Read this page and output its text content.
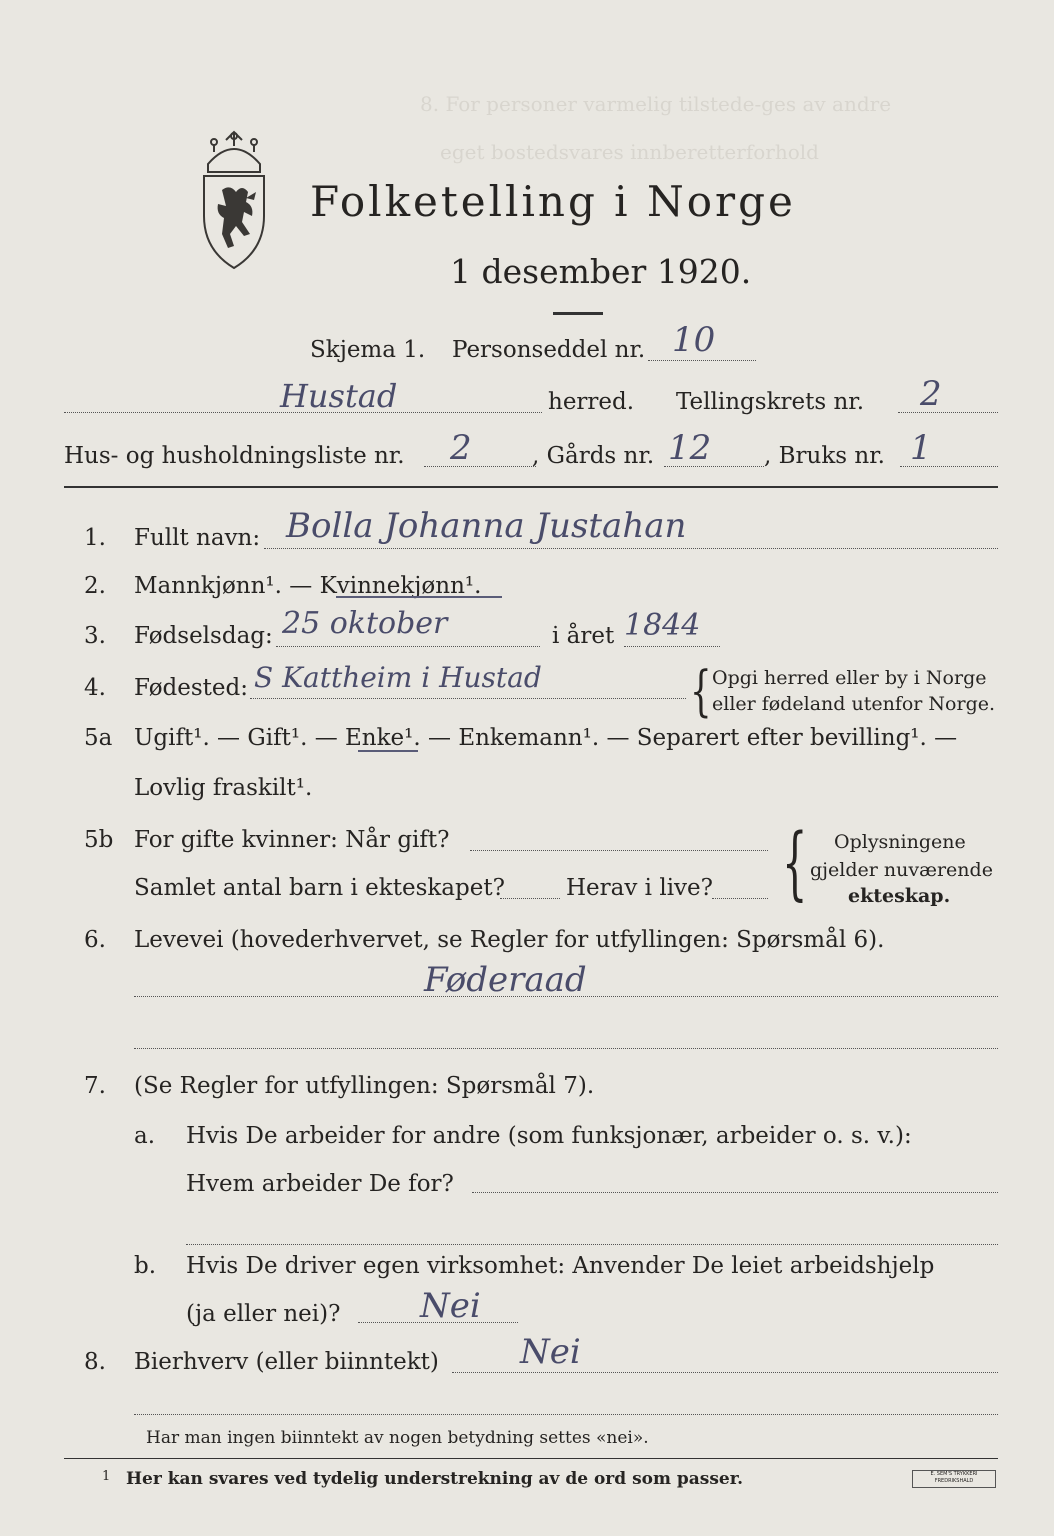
8. For personer varmelig tilstede-ges av andre
eget bostedsvares innberetterforhold
Folketelling i Norge
1 desember 1920.
Skjema 1. Personseddel nr. 10
Hustad	herred. Tellingskrets nr. 2
Hus- og husholdningsliste nr. 2	, Gårds nr. 12 , Bruks nr. 1
1. Fullt navn: Bolla Johanna Justahan
2. Mannkjønn¹. — Kvinnekjønn¹.
3. Fødselsdag: 25 oktober	i året 1844
4. Fødested: S Kattheim i Hustad	{ Opgi herred eller by i Norge
eller fødeland utenfor Norge.
5a Ugift¹. — Gift¹. — Enke¹. — Enkemann¹. — Separert efter bevilling¹. —
Lovlig fraskilt¹.
5b For gifte kvinner: Når gift?
Samlet antal barn i ekteskapet?	Herav i live? { Oplysningene
gjelder nuværende
ekteskap.
6. Levevei (hovederhvervet, se Regler for utfyllingen: Spørsmål 6).
Føderaad
7. (Se Regler for utfyllingen: Spørsmål 7).
a. Hvis De arbeider for andre (som funksjonær, arbeider o. s. v.):
Hvem arbeider De for?
b. Hvis De driver egen virksomhet: Anvender De leiet arbeidshjelp
(ja eller nei)? Nei
8. Bierhverv (eller biinntekt) Nei
Har man ingen biinntekt av nogen betydning settes «nei».
1 Her kan svares ved tydelig understrekning av de ord som passer.	E. SEM'S TRYKKERI FREDRIKSHALD
